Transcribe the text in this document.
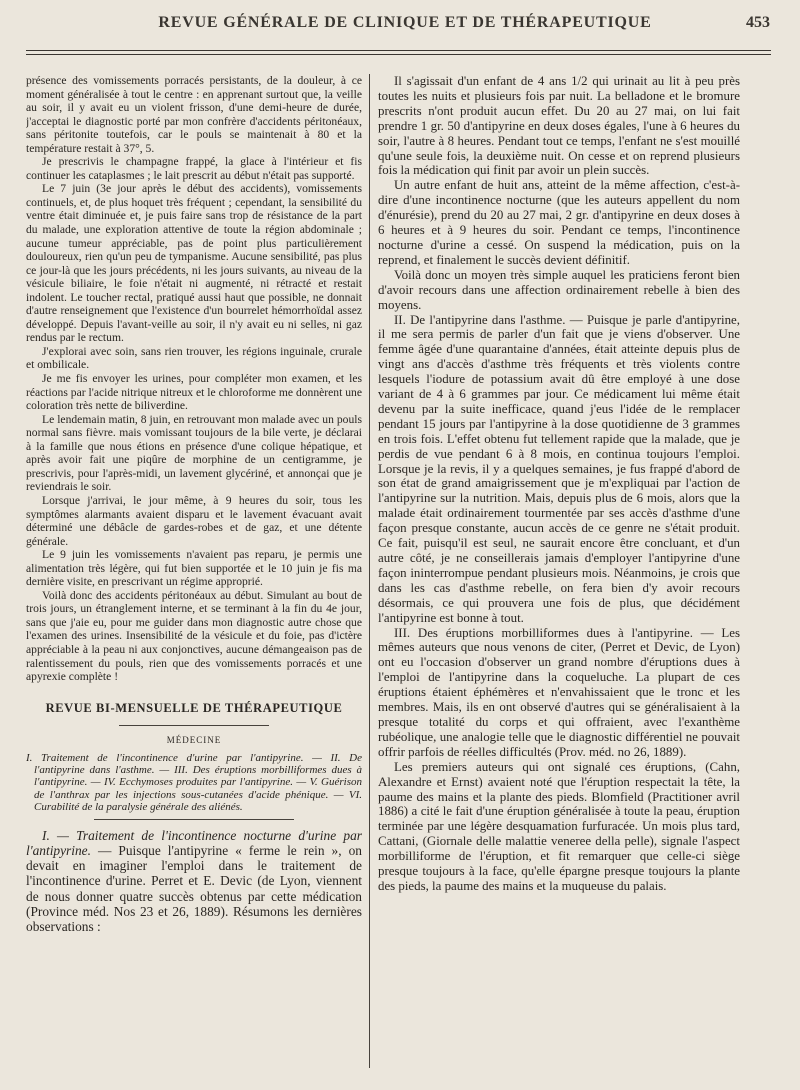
REVUE GÉNÉRALE DE CLINIQUE ET DE THÉRAPEUTIQUE	453

présence des vomissements porracés persistants, de la douleur, à ce moment généralisée à tout le centre : en apprenant surtout que, la veille au soir, il y avait eu un violent frisson, d'une demi-heure de durée, j'acceptai le diagnostic porté par mon confrère d'accidents péritonéaux, sans péritonite toutefois, car le pouls se maintenait à 80 et la température restait à 37°, 5.

Je prescrivis le champagne frappé, la glace à l'intérieur et fis continuer les cataplasmes ; le lait prescrit au début n'était pas supporté.

Le 7 juin (3e jour après le début des accidents), vomissements continuels, et, de plus hoquet très fréquent ; cependant, la sensibilité du ventre était diminuée et, je puis faire sans trop de résistance de la part du malade, une exploration attentive de toute la région abdominale ; aucune tumeur appréciable, pas de point plus particulièrement douloureux, rien qu'un peu de tympanisme. Aucune sensibilité, pas plus ce jour-là que les jours précédents, ni les jours suivants, au niveau de la vésicule biliaire, le foie n'était ni augmenté, ni rétracté et restait indolent. Le toucher rectal, pratiqué aussi haut que possible, ne donnait d'autre renseignement que l'existence d'un bourrelet hémorrhoïdal assez développé. Depuis l'avant-veille au soir, il n'y avait eu ni selles, ni gaz rendus par le rectum.

J'explorai avec soin, sans rien trouver, les régions inguinale, crurale et ombilicale.

Je me fis envoyer les urines, pour compléter mon examen, et les réactions par l'acide nitrique nitreux et le chloroforme me donnèrent une coloration très nette de biliverdine.

Le lendemain matin, 8 juin, en retrouvant mon malade avec un pouls normal sans fièvre. mais vomissant toujours de la bile verte, je déclarai à la famille que nous étions en présence d'une colique hépatique, et après avoir fait une piqûre de morphine de un centigramme, je prescrivis, pour l'après-midi, un lavement glycériné, et annonçai que je reviendrais le soir.

Lorsque j'arrivai, le jour même, à 9 heures du soir, tous les symptômes alarmants avaient disparu et le lavement évacuant avait déterminé une débâcle de gardes-robes et de gaz, et une détente générale.

Le 9 juin les vomissements n'avaient pas reparu, je permis une alimentation très légère, qui fut bien supportée et le 10 juin je fis ma dernière visite, en prescrivant un régime approprié.

Voilà donc des accidents péritonéaux au début. Simulant au bout de trois jours, un étranglement interne, et se terminant à la fin du 4e jour, sans que j'aie eu, pour me guider dans mon diagnostic autre chose que l'examen des urines. Insensibilité de la vésicule et du foie, pas d'ictère appréciable à la peau ni aux conjonctives, aucune démangeaison pas de ralentissement du pouls, rien que des vomissements porracés et une apyrexie complète !

REVUE BI-MENSUELLE DE THÉRAPEUTIQUE
MÉDECINE

I. Traitement de l'incontinence d'urine par l'antipyrine. — II. De l'antipyrine dans l'asthme. — III. Des éruptions morbilliformes dues à l'antipyrine. — IV. Ecchymoses produites par l'antipyrine. — V. Guérison de l'anthrax par les injections sous-cutanées d'acide phénique. — VI. Curabilité de la paralysie générale des aliénés.

I. — Traitement de l'incontinence nocturne d'urine par l'antipyrine. — Puisque l'antipyrine « ferme le rein », on devait en imaginer l'emploi dans le traitement de l'incontinence d'urine. Perret et E. Devic (de Lyon, viennent de nous donner quatre succès obtenus par cette médication (Province méd. Nos 23 et 26, 1889). Résumons les dernières observations :

Il s'agissait d'un enfant de 4 ans 1/2 qui urinait au lit à peu près toutes les nuits et plusieurs fois par nuit. La belladone et le bromure prescrits n'ont produit aucun effet. Du 20 au 27 mai, on lui fait prendre 1 gr. 50 d'antipyrine en deux doses égales, l'une à 6 heures du soir, l'autre à 8 heures. Pendant tout ce temps, l'enfant ne s'est mouillé qu'une seule fois, la deuxième nuit. On cesse et on reprend plusieurs fois la médication qui finit par avoir un plein succès.

Un autre enfant de huit ans, atteint de la même affection, c'est-à-dire d'une incontinence nocturne (que les auteurs appellent du nom d'énurésie), prend du 20 au 27 mai, 2 gr. d'antipyrine en deux doses à 6 heures et à 9 heures du soir. Pendant ce temps, l'incontinence nocturne d'urine a cessé. On suspend la médication, puis on la reprend, et finalement le succès devient définitif.

Voilà donc un moyen très simple auquel les praticiens feront bien d'avoir recours dans une affection ordinairement rebelle à bien des moyens.

II. De l'antipyrine dans l'asthme. — Puisque je parle d'antipyrine, il me sera permis de parler d'un fait que je viens d'observer. Une femme âgée d'une quarantaine d'années, était atteinte depuis plus de vingt ans d'accès d'asthme très fréquents et très violents contre lesquels l'iodure de potassium avait dû être employé à une dose variant de 4 à 6 grammes par jour. Ce médicament lui même était devenu par la suite inefficace, quand j'eus l'idée de le remplacer pendant 15 jours par l'antipyrine à la dose quotidienne de 3 grammes en trois fois. L'effet obtenu fut tellement rapide que la malade, que je perdis de vue pendant 6 à 8 mois, en continua toujours l'emploi. Lorsque je la revis, il y a quelques semaines, je fus frappé d'abord de son état de grand amaigrissement que je m'expliquai par l'action de l'antipyrine sur la nutrition. Mais, depuis plus de 6 mois, alors que la malade était ordinairement tourmentée par ses accès d'asthme d'une façon presque constante, aucun accès de ce genre ne s'était produit. Ce fait, puisqu'il est seul, ne saurait encore être concluant, et d'un autre côté, je ne conseillerais jamais d'employer l'antipyrine d'une façon ininterrompue pendant plusieurs mois. Néanmoins, je crois que dans les cas d'asthme rebelle, on fera bien d'y avoir recours désormais, ce qui prouvera une fois de plus, que décidément l'antipyrine est bonne à tout.

III. Des éruptions morbilliformes dues à l'antipyrine. — Les mêmes auteurs que nous venons de citer, (Perret et Devic, de Lyon) ont eu l'occasion d'observer un grand nombre d'éruptions dues à l'emploi de l'antipyrine dans la coqueluche. La plupart de ces éruptions étaient éphémères et n'envahissaient que le tronc et les membres. Mais, ils en ont observé d'autres qui se généralisaient à la presque totalité du corps et qui offraient, avec l'exanthème rubéolique, une analogie telle que le diagnostic différentiel ne pouvait offrir parfois de réelles difficultés (Prov. méd. no 26, 1889).

Les premiers auteurs qui ont signalé ces éruptions, (Cahn, Alexandre et Ernst) avaient noté que l'éruption respectait la tête, la paume des mains et la plante des pieds. Blomfield (Practitioner avril 1886) a cité le fait d'une éruption généralisée à toute la peau, éruption terminée par une légère desquamation furfuracée. Un mois plus tard, Cattani, (Giornale delle malattie veneree della pelle), signale l'aspect morbilliforme de l'éruption, et fit remarquer que celle-ci siège presque toujours à la face, qu'elle épargne presque toujours la plante des pieds, la paume des mains et la muqueuse du palais.
